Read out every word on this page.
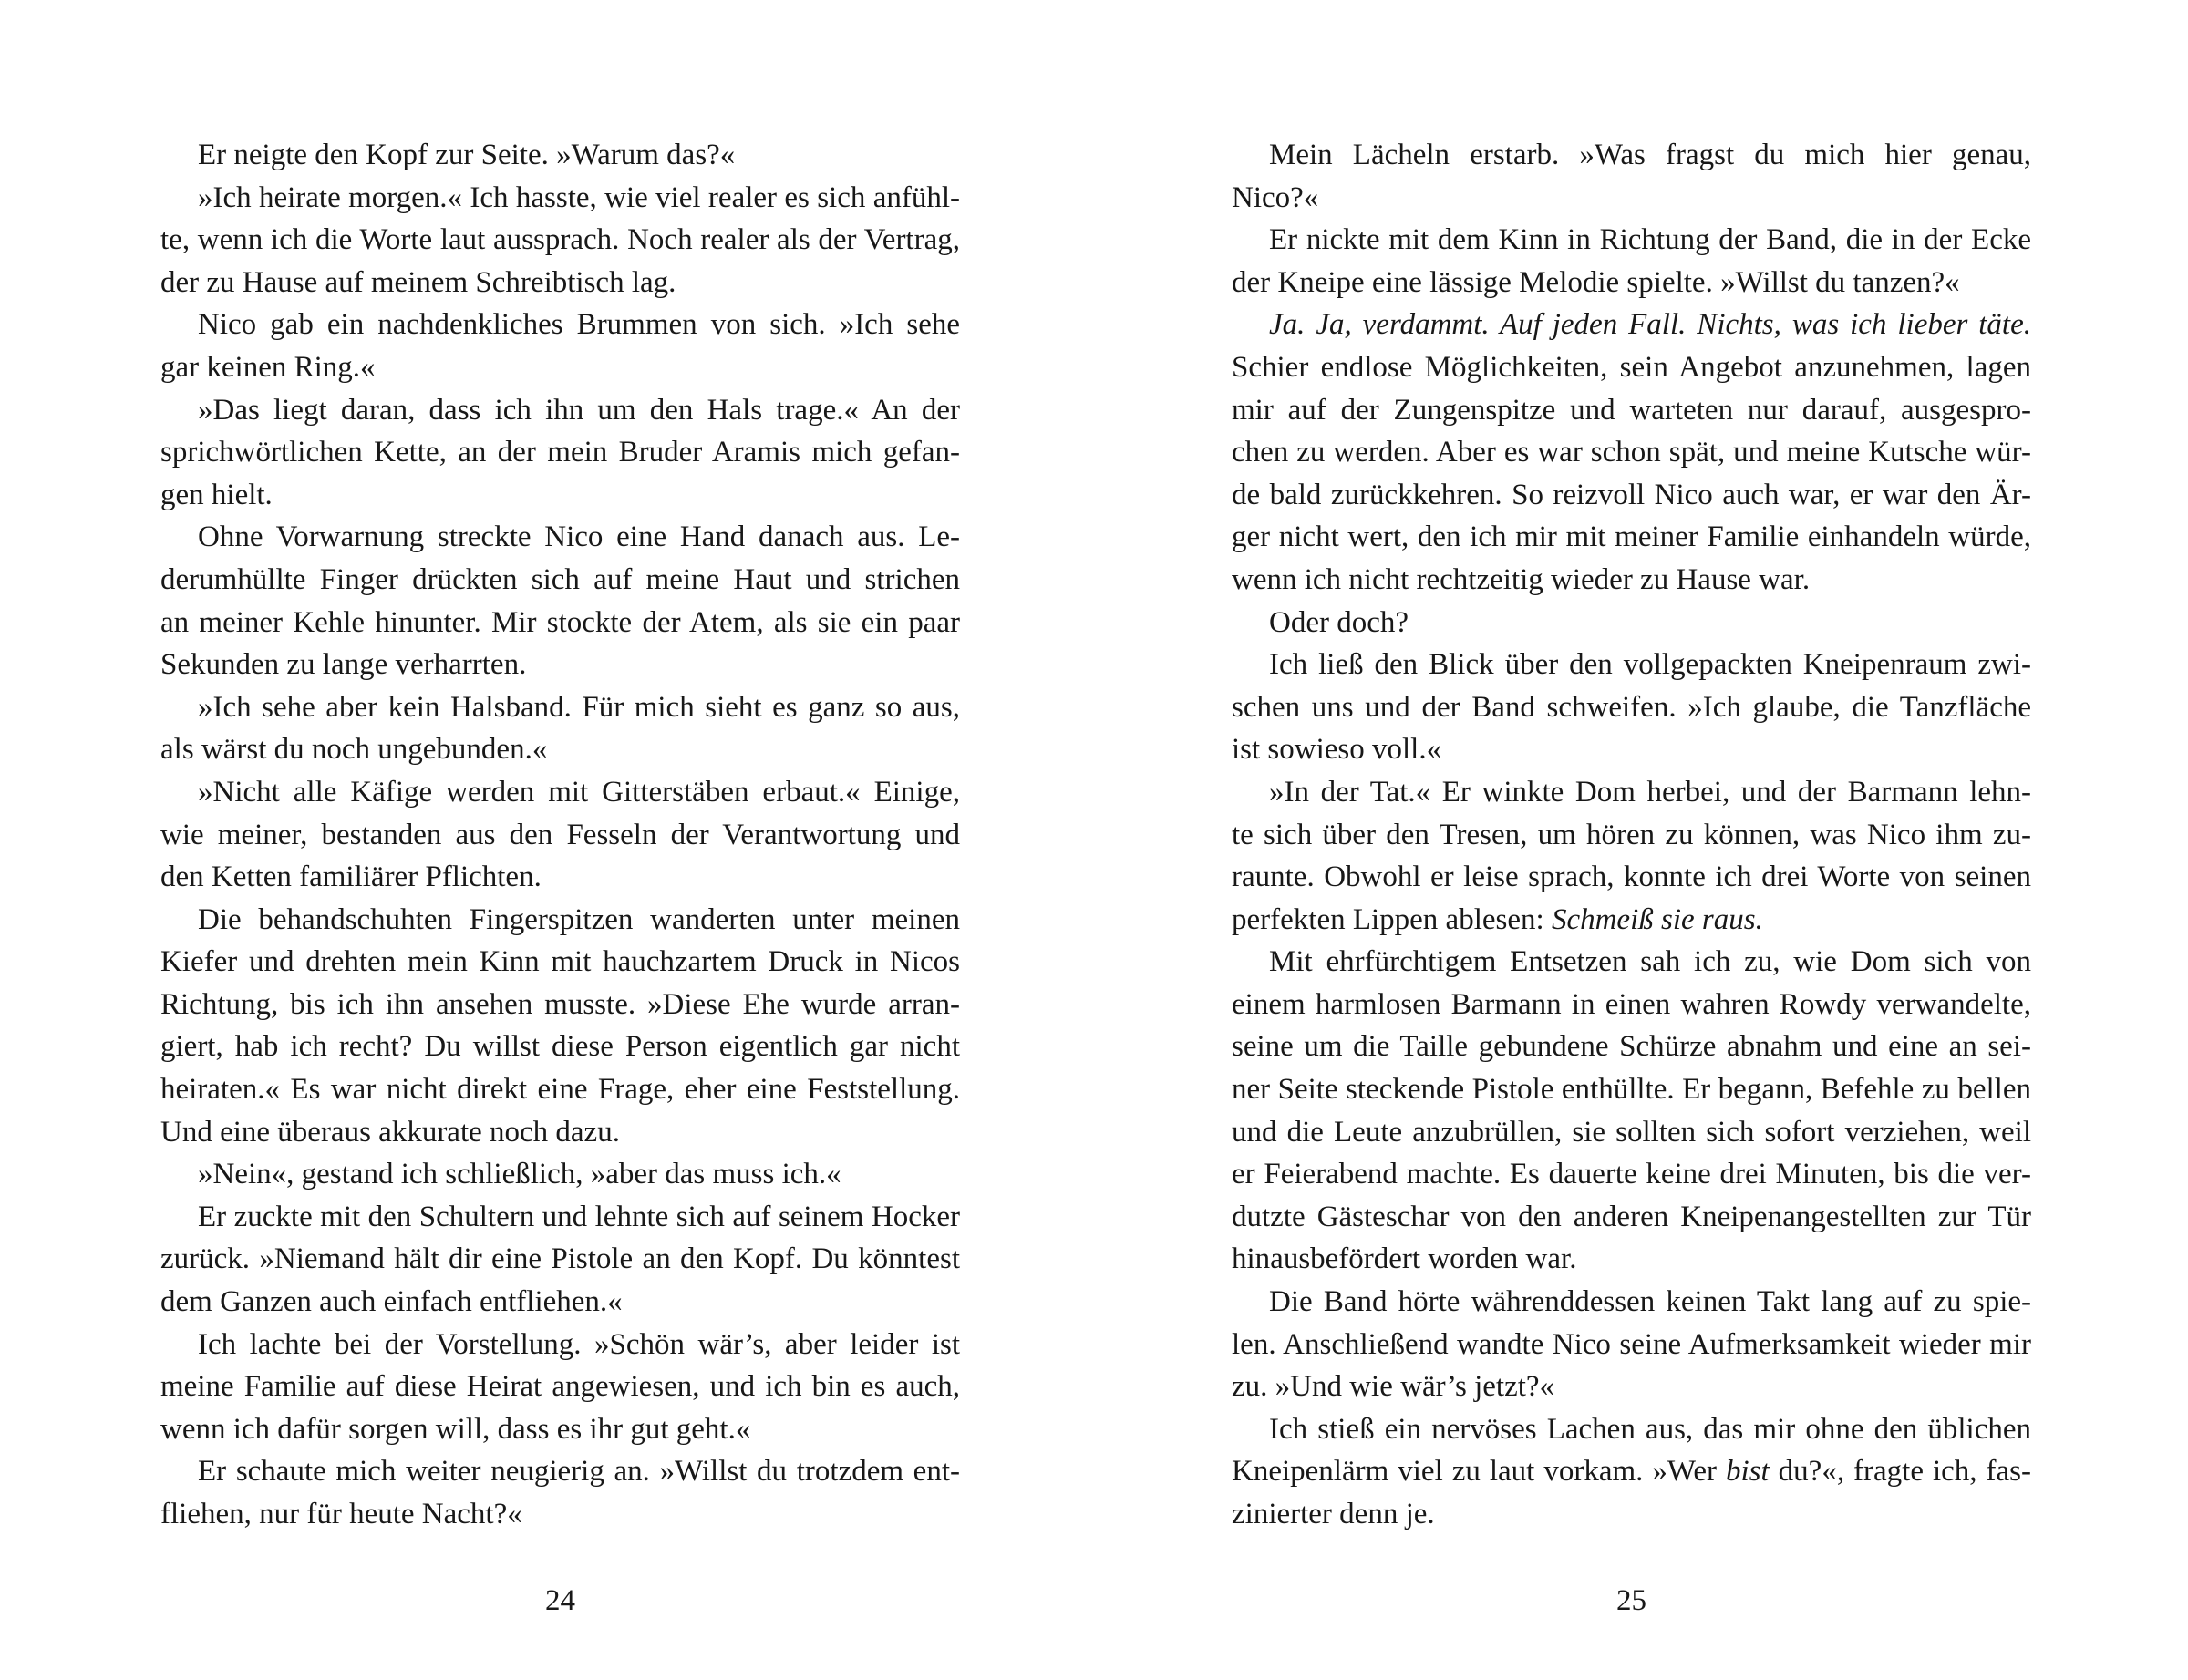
Er neigte den Kopf zur Seite. »Warum das?«
»Ich heirate morgen.« Ich hasste, wie viel realer es sich anfühl-
te, wenn ich die Worte laut aussprach. Noch realer als der Vertrag,
der zu Hause auf meinem Schreibtisch lag.
Nico gab ein nachdenkliches Brummen von sich. »Ich sehe
gar keinen Ring.«
»Das liegt daran, dass ich ihn um den Hals trage.« An der
sprichwörtlichen Kette, an der mein Bruder Aramis mich gefan-
gen hielt.
Ohne Vorwarnung streckte Nico eine Hand danach aus. Le-
derumhüllte Finger drückten sich auf meine Haut und strichen
an meiner Kehle hinunter. Mir stockte der Atem, als sie ein paar
Sekunden zu lange verharrten.
»Ich sehe aber kein Halsband. Für mich sieht es ganz so aus,
als wärst du noch ungebunden.«
»Nicht alle Käfige werden mit Gitterstäben erbaut.« Einige,
wie meiner, bestanden aus den Fesseln der Verantwortung und
den Ketten familiärer Pflichten.
Die behandschuhten Fingerspitzen wanderten unter meinen
Kiefer und drehten mein Kinn mit hauchzartem Druck in Nicos
Richtung, bis ich ihn ansehen musste. »Diese Ehe wurde arran-
giert, hab ich recht? Du willst diese Person eigentlich gar nicht
heiraten.« Es war nicht direkt eine Frage, eher eine Feststellung.
Und eine überaus akkurate noch dazu.
»Nein«, gestand ich schließlich, »aber das muss ich.«
Er zuckte mit den Schultern und lehnte sich auf seinem Hocker
zurück. »Niemand hält dir eine Pistole an den Kopf. Du könntest
dem Ganzen auch einfach entfliehen.«
Ich lachte bei der Vorstellung. »Schön wär’s, aber leider ist
meine Familie auf diese Heirat angewiesen, und ich bin es auch,
wenn ich dafür sorgen will, dass es ihr gut geht.«
Er schaute mich weiter neugierig an. »Willst du trotzdem ent-
fliehen, nur für heute Nacht?«
Mein Lächeln erstarb. »Was fragst du mich hier genau,
Nico?«
Er nickte mit dem Kinn in Richtung der Band, die in der Ecke
der Kneipe eine lässige Melodie spielte. »Willst du tanzen?«
Ja. Ja, verdammt. Auf jeden Fall. Nichts, was ich lieber täte.
Schier endlose Möglichkeiten, sein Angebot anzunehmen, lagen
mir auf der Zungenspitze und warteten nur darauf, ausgespro-
chen zu werden. Aber es war schon spät, und meine Kutsche wür-
de bald zurückkehren. So reizvoll Nico auch war, er war den Är-
ger nicht wert, den ich mir mit meiner Familie einhandeln würde,
wenn ich nicht rechtzeitig wieder zu Hause war.
Oder doch?
Ich ließ den Blick über den vollgepackten Kneipenraum zwi-
schen uns und der Band schweifen. »Ich glaube, die Tanzfläche
ist sowieso voll.«
»In der Tat.« Er winkte Dom herbei, und der Barmann lehn-
te sich über den Tresen, um hören zu können, was Nico ihm zu-
raunte. Obwohl er leise sprach, konnte ich drei Worte von seinen
perfekten Lippen ablesen: Schmeiß sie raus.
Mit ehrfürchtigem Entsetzen sah ich zu, wie Dom sich von
einem harmlosen Barmann in einen wahren Rowdy verwandelte,
seine um die Taille gebundene Schürze abnahm und eine an sei-
ner Seite steckende Pistole enthüllte. Er begann, Befehle zu bellen
und die Leute anzubrüllen, sie sollten sich sofort verziehen, weil
er Feierabend machte. Es dauerte keine drei Minuten, bis die ver-
dutzte Gästeschar von den anderen Kneipenangestellten zur Tür
hinausbefördert worden war.
Die Band hörte währenddessen keinen Takt lang auf zu spie-
len. Anschließend wandte Nico seine Aufmerksamkeit wieder mir
zu. »Und wie wär’s jetzt?«
Ich stieß ein nervöses Lachen aus, das mir ohne den üblichen
Kneipenlärm viel zu laut vorkam. »Wer bist du?«, fragte ich, fas-
zinierter denn je.
24	25
